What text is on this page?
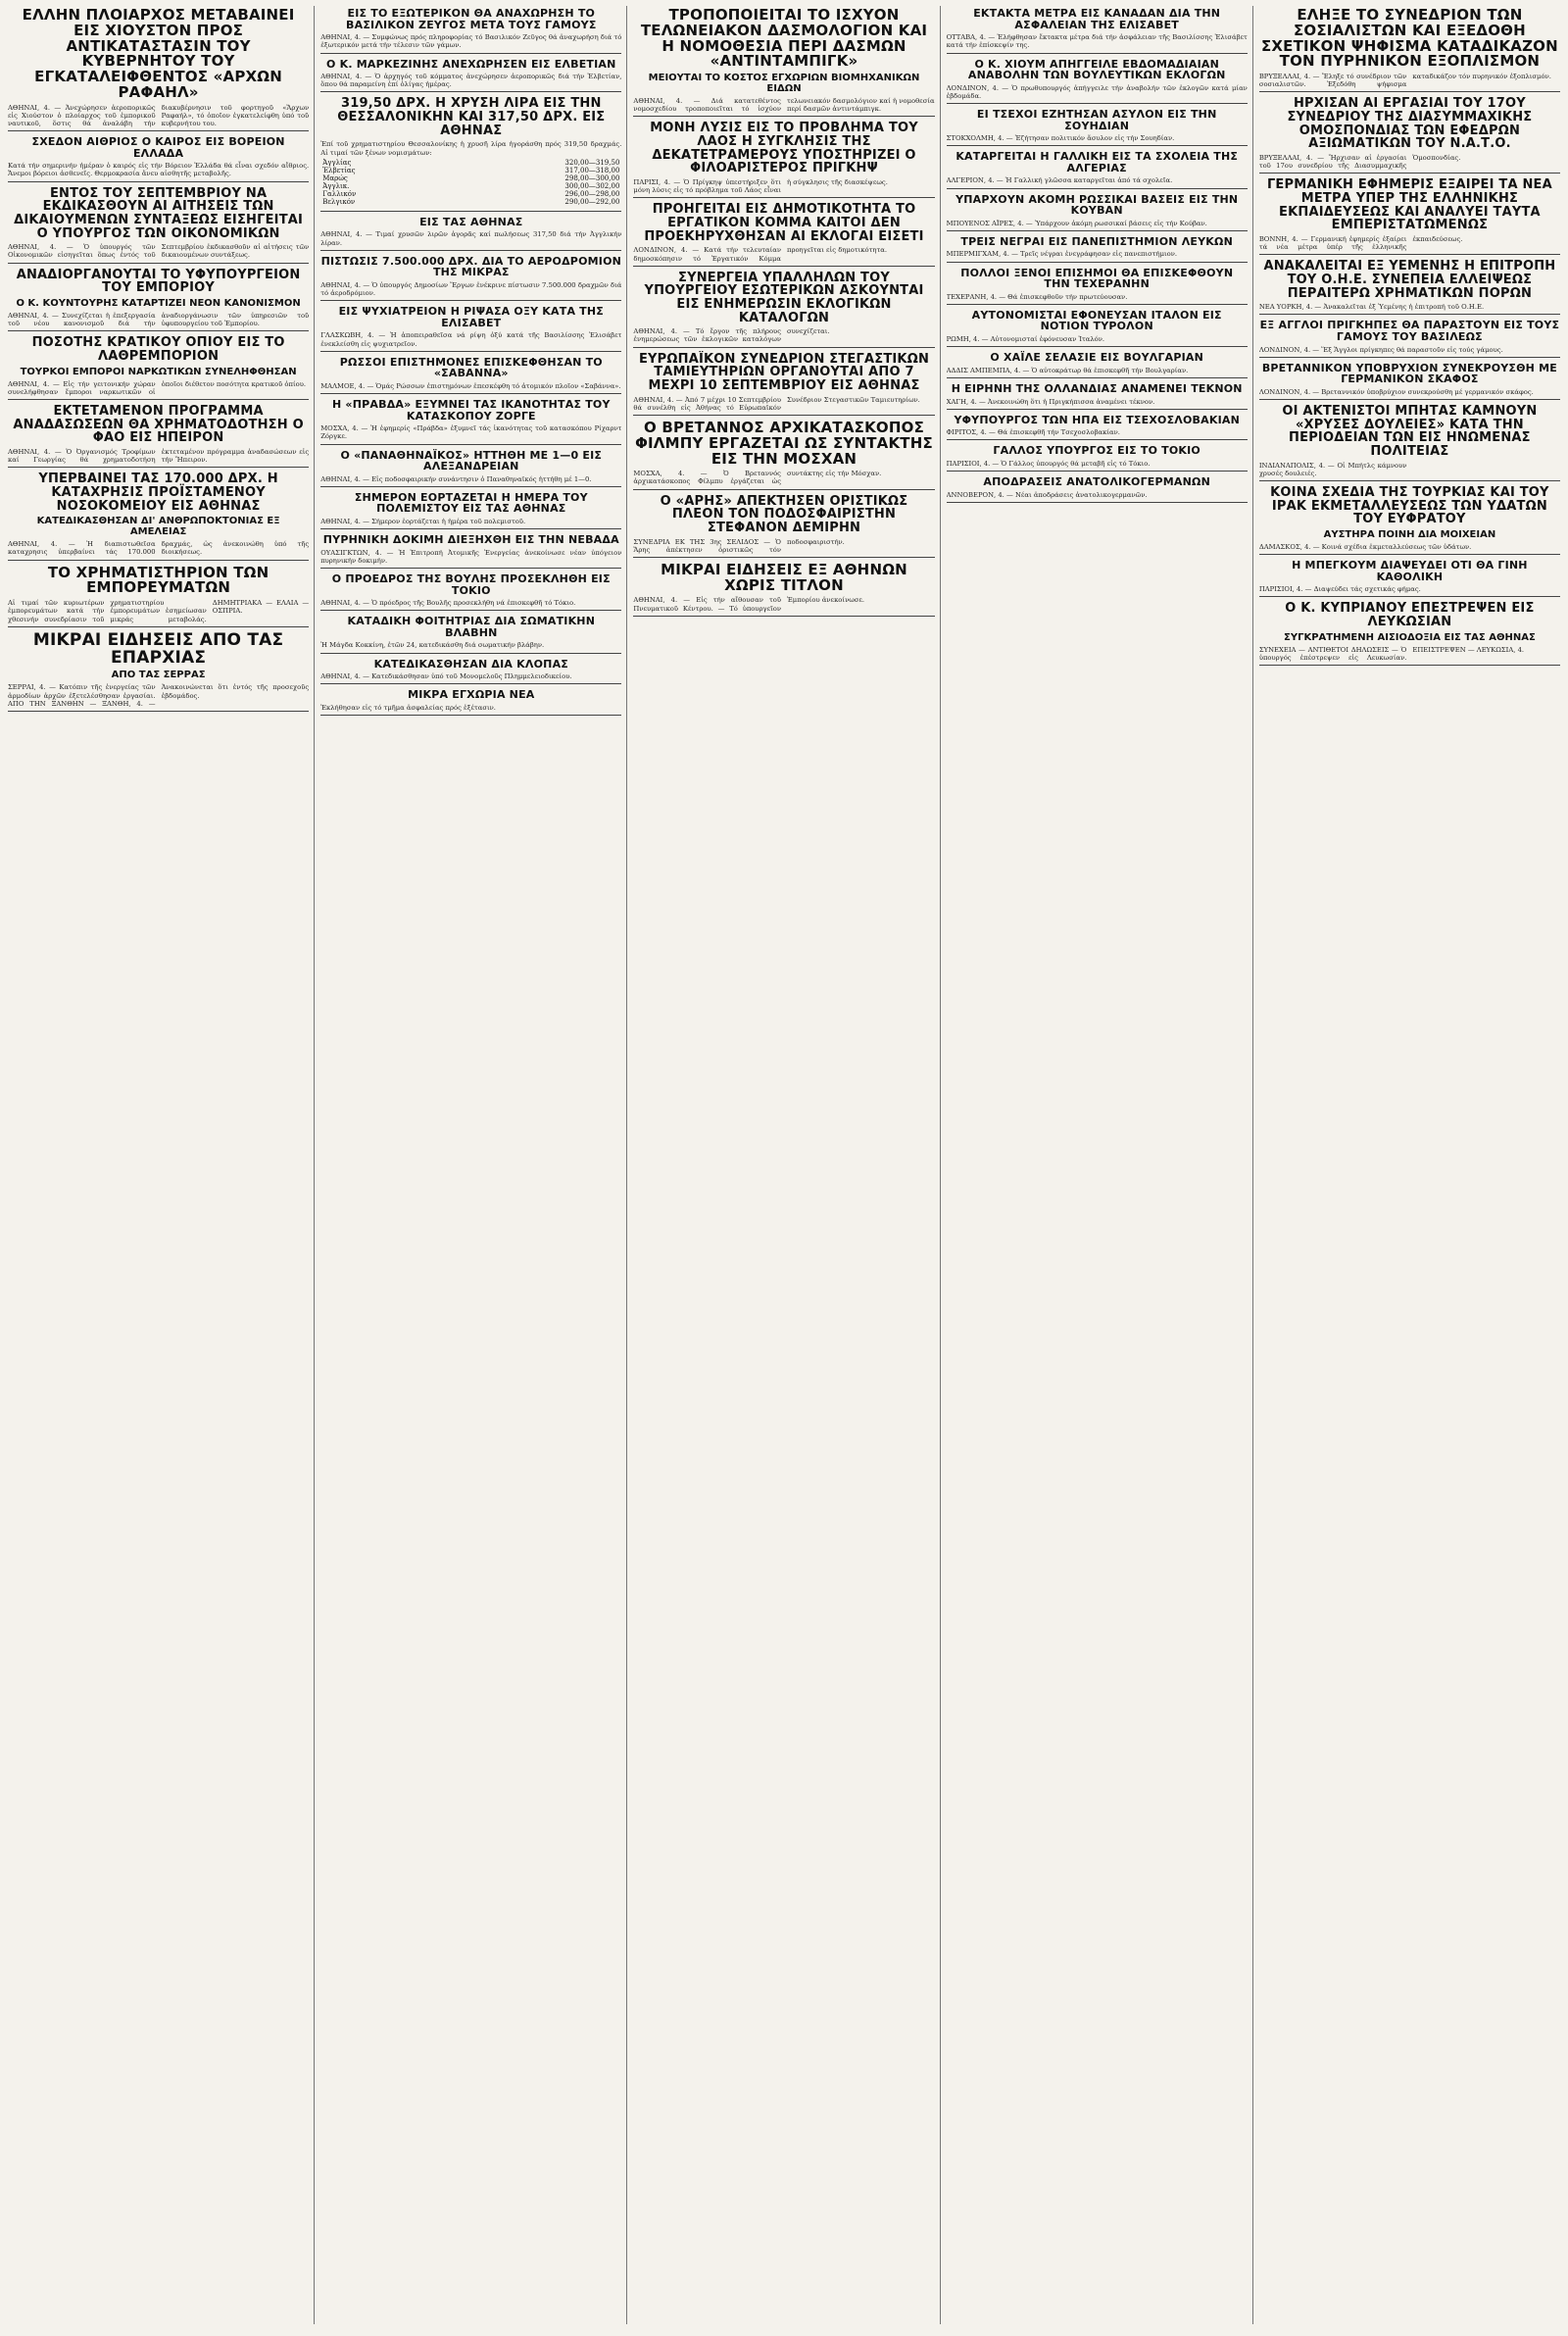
ΕΛΛΗΝ ΠΛΟΙΑΡΧΟΣ ΜΕΤΑΒΑΙΝΕΙ ΕΙΣ ΧΙΟΥΣΤΟΝ ΠΡΟΣ ΑΝΤΙΚΑΤΑΣΤΑΣΙΝ ΤΟΥ ΚΥΒΕΡΝΗΤΟΥ ΤΟΥ ΕΓΚΑΤΑΛΕΙΦΘΕΝΤΟΣ «ΑΡΧΩΝ ΡΑΦΑΗΛ»

ΑΘΗΝΑΙ, 4. — Ἀνεχώρησεν ἀεροπορικῶς εἰς Χιούστον ὁ πλοίαρχος τοῦ ἐμπορικοῦ ναυτικοῦ, ὅστις θά ἀναλάβη τήν διακυβέρνησιν τοῦ φορτηγοῦ «Ἄρχων Ραφαήλ», τό ὁποῖον ἐγκατελείφθη ὑπό τοῦ κυβερνήτου του.

ΣΧΕΔΟΝ ΑΙΘΡΙΟΣ Ο ΚΑΙΡΟΣ ΕΙΣ ΒΟΡΕΙΟΝ ΕΛΛΑΔΑ

Κατά τήν σημερινήν ἡμέραν ὁ καιρός εἰς τήν Βόρειον Ἑλλάδα θά εἶναι σχεδόν αἴθριος. Ἄνεμοι βόρειοι ἀσθενεῖς. Θερμοκρασία ἄνευ αἰσθητῆς μεταβολῆς.

ΕΝΤΟΣ ΤΟΥ ΣΕΠΤΕΜΒΡΙΟΥ ΝΑ ΕΚΔΙΚΑΣΘΟΥΝ ΑΙ ΑΙΤΗΣΕΙΣ ΤΩΝ ΔΙΚΑΙΟΥΜΕΝΩΝ ΣΥΝΤΑΞΕΩΣ ΕΙΣΗΓΕΙΤΑΙ Ο ΥΠΟΥΡΓΟΣ ΤΩΝ ΟΙΚΟΝΟΜΙΚΩΝ

ΑΘΗΝΑΙ, 4. — Ὁ ὑπουργός τῶν Οἰκονομικῶν εἰσηγεῖται ὅπως ἐντός τοῦ Σεπτεμβρίου ἐκδικασθοῦν αἱ αἰτήσεις τῶν δικαιουμένων συντάξεως.

ΑΝΑΔΙΟΡΓΑΝΟΥΤΑΙ ΤΟ ΥΦΥΠΟΥΡΓΕΙΟΝ ΤΟΥ ΕΜΠΟΡΙΟΥ
Ο Κ. ΚΟΥΝΤΟΥΡΗΣ ΚΑΤΑΡΤΙΖΕΙ ΝΕΟΝ ΚΑΝΟΝΙΣΜΟΝ

ΑΘΗΝΑΙ, 4. — Συνεχίζεται ἡ ἐπεξεργασία τοῦ νέου κανονισμοῦ διά τήν ἀναδιοργάνωσιν τῶν ὑπηρεσιῶν τοῦ ὑφυπουργείου τοῦ Ἐμπορίου.

ΠΟΣΟΤΗΣ ΚΡΑΤΙΚΟΥ ΟΠΙΟΥ ΕΙΣ ΤΟ ΛΑΘΡΕΜΠΟΡΙΟΝ
ΤΟΥΡΚΟΙ ΕΜΠΟΡΟΙ ΝΑΡΚΩΤΙΚΩΝ ΣΥΝΕΛΗΦΘΗΣΑΝ

ΑΘΗΝΑΙ, 4. — Εἰς τήν γειτονικήν χώραν συνελήφθησαν ἔμποροι ναρκωτικῶν οἱ ὁποῖοι διέθετον ποσότητα κρατικοῦ ὀπίου.

ΕΚΤΕΤΑΜΕΝΟΝ ΠΡΟΓΡΑΜΜΑ ΑΝΑΔΑΣΩΣΕΩΝ ΘΑ ΧΡΗΜΑΤΟΔΟΤΗΣΗ Ο ΦΑΟ ΕΙΣ ΗΠΕΙΡΟΝ

ΑΘΗΝΑΙ, 4. — Ὁ Ὀργανισμός Τροφίμων καί Γεωργίας θά χρηματοδοτήση ἐκτεταμένον πρόγραμμα ἀναδασώσεων εἰς τήν Ἤπειρον.

ΥΠΕΡΒΑΙΝΕΙ ΤΑΣ 170.000 ΔΡΧ. Η ΚΑΤΑΧΡΗΣΙΣ ΠΡΟΪΣΤΑΜΕΝΟΥ ΝΟΣΟΚΟΜΕΙΟΥ ΕΙΣ ΑΘΗΝΑΣ
ΚΑΤΕΔΙΚΑΣΘΗΣΑΝ ΔΙ' ΑΝΘΡΩΠΟΚΤΟΝΙΑΣ ΕΞ ΑΜΕΛΕΙΑΣ

ΑΘΗΝΑΙ, 4. — Ἡ διαπιστωθεῖσα καταχρησις ὑπερβαίνει τάς 170.000 δραχμάς, ὡς ἀνεκοινώθη ὑπό τῆς διοικήσεως.

ΤΟ ΧΡΗΜΑΤΙΣΤΗΡΙΟΝ ΤΩΝ ΕΜΠΟΡΕΥΜΑΤΩΝ

Αἱ τιμαί τῶν κυριωτέρων ἐμπορευμάτων κατά τήν χθεσινήν συνεδρίασιν τοῦ χρηματιστηρίου ἐμπορευμάτων ἐσημείωσαν μικράς μεταβολάς. ΔΗΜΗΤΡΙΑΚΑ — ΕΛΑΙΑ — ΟΣΠΡΙΑ.

ΜΙΚΡΑΙ ΕΙΔΗΣΕΙΣ ΑΠΟ ΤΑΣ ΕΠΑΡΧΙΑΣ
ΑΠΟ ΤΑΣ ΣΕΡΡΑΣ

ΣΕΡΡΑΙ, 4. — Κατόπιν τῆς ἐνεργείας τῶν ἁρμοδίων ἀρχῶν ἐξετελέσθησαν ἐργασίαι. ΑΠΟ ΤΗΝ ΞΑΝΘΗΝ — ΞΑΝΘΗ, 4. — Ἀνακοινώνεται ὅτι ἐντός τῆς προσεχοῦς ἑβδομάδος.

ΕΙΣ ΤΟ ΕΞΩΤΕΡΙΚΟΝ ΘΑ ΑΝΑΧΩΡΗΣΗ ΤΟ ΒΑΣΙΛΙΚΟΝ ΖΕΥΓΟΣ ΜΕΤΑ ΤΟΥΣ ΓΑΜΟΥΣ

ΑΘΗΝΑΙ, 4. — Συμφώνως πρός πληροφορίας τό Βασιλικόν Ζεῦγος θά ἀναχωρήση διά τό ἐξωτερικόν μετά τήν τέλεσιν τῶν γάμων.

Ο Κ. ΜΑΡΚΕΖΙΝΗΣ ΑΝΕΧΩΡΗΣΕΝ ΕΙΣ ΕΛΒΕΤΙΑΝ

ΑΘΗΝΑΙ, 4. — Ὁ ἀρχηγός τοῦ κόμματος ἀνεχώρησεν ἀεροπορικῶς διά τήν Ἐλβετίαν, ὅπου θά παραμείνη ἐπί ὀλίγας ἡμέρας.

319,50 ΔΡΧ. Η ΧΡΥΣΗ ΛΙΡΑ ΕΙΣ ΤΗΝ ΘΕΣΣΑΛΟΝΙΚΗΝ ΚΑΙ 317,50 ΔΡΧ. ΕΙΣ ΑΘΗΝΑΣ

Ἐπί τοῦ χρηματιστηρίου Θεσσαλονίκης ἡ χρυσῆ λίρα ἠγοράσθη πρός 319,50 δραχμάς. Αἱ τιμαί τῶν ξένων νομισμάτων:

Ἀγγλίας	320,00—319,50
Ἐλβετίας	317,00—318,00
Μαρώς	298,00—300,00
Ἀγγλικ.	300,00—302,00
Γαλλικόν	296,00—298,00
Βελγικόν	290,00—292,00
ΕΙΣ ΤΑΣ ΑΘΗΝΑΣ

ΑΘΗΝΑΙ, 4. — Τιμαί χρυσῶν λιρῶν ἀγορᾶς καί πωλήσεως 317,50 διά τήν Ἀγγλικήν λίραν.

ΠΙΣΤΩΣΙΣ 7.500.000 ΔΡΧ. ΔΙΑ ΤΟ ΑΕΡΟΔΡΟΜΙΟΝ ΤΗΣ ΜΙΚΡΑΣ

ΑΘΗΝΑΙ, 4. — Ὁ ὑπουργός Δημοσίων Ἔργων ἐνέκρινε πίστωσιν 7.500.000 δραχμῶν διά τό ἀεροδρόμιον.

ΕΙΣ ΨΥΧΙΑΤΡΕΙΟΝ Η ΡΙΨΑΣΑ ΟΞΥ ΚΑΤΑ ΤΗΣ ΕΛΙΣΑΒΕΤ

ΓΛΑΣΚΩΒΗ, 4. — Ἡ ἀποπειραθεῖσα νά ρίψη ὀξύ κατά τῆς Βασιλίσσης Ἐλισάβετ ἐνεκλείσθη εἰς ψυχιατρεῖον.

ΡΩΣΣΟΙ ΕΠΙΣΤΗΜΟΝΕΣ ΕΠΙΣΚΕΦΘΗΣΑΝ ΤΟ «ΣΑΒΑΝΝΑ»

ΜΑΛΜΟΕ, 4. — Ὁμάς Ρώσσων ἐπιστημόνων ἐπεσκέφθη τό ἀτομικόν πλοῖον «Σαβάννα».

Η «ΠΡΑΒΔΑ» ΕΞΥΜΝΕΙ ΤΑΣ ΙΚΑΝΟΤΗΤΑΣ ΤΟΥ ΚΑΤΑΣΚΟΠΟΥ ΖΟΡΓΕ

ΜΟΣΧΑ, 4. — Ἡ ἐφημερίς «Πράβδα» ἐξυμνεῖ τάς ἱκανότητας τοῦ κατασκόπου Ρίχαρντ Ζόργκε.

Ο «ΠΑΝΑΘΗΝΑΪΚΟΣ» ΗΤΤΗΘΗ ΜΕ 1—0 ΕΙΣ ΑΛΕΞΑΝΔΡΕΙΑΝ

ΑΘΗΝΑΙ, 4. — Εἰς ποδοσφαιρικήν συνάντησιν ὁ Παναθηναϊκός ἡττήθη μέ 1—0.

ΣΗΜΕΡΟΝ ΕΟΡΤΑΖΕΤΑΙ Η ΗΜΕΡΑ ΤΟΥ ΠΟΛΕΜΙΣΤΟΥ ΕΙΣ ΤΑΣ ΑΘΗΝΑΣ

ΑΘΗΝΑΙ, 4. — Σήμερον ἑορτάζεται ἡ ἡμέρα τοῦ πολεμιστοῦ.

ΠΥΡΗΝΙΚΗ ΔΟΚΙΜΗ ΔΙΕΞΗΧΘΗ ΕΙΣ ΤΗΝ ΝΕΒΑΔΑ

ΟΥΑΣΙΓΚΤΩΝ, 4. — Ἡ Ἐπιτροπή Ἀτομικῆς Ἐνεργείας ἀνεκοίνωσε νέαν ὑπόγειον πυρηνικήν δοκιμήν.

Ο ΠΡΟΕΔΡΟΣ ΤΗΣ ΒΟΥΛΗΣ ΠΡΟΣΕΚΛΗΘΗ ΕΙΣ ΤΟΚΙΟ

ΑΘΗΝΑΙ, 4. — Ὁ πρόεδρος τῆς Βουλῆς προσεκλήθη νά ἐπισκεφθῆ τό Τόκιο.

ΚΑΤΑΔΙΚΗ ΦΟΙΤΗΤΡΙΑΣ ΔΙΑ ΣΩΜΑΤΙΚΗΝ ΒΛΑΒΗΝ

Ἡ Μάγδα Κοκκίνη, ἐτῶν 24, κατεδικάσθη διά σωματικήν βλάβην.

ΚΑΤΕΔΙΚΑΣΘΗΣΑΝ ΔΙΑ ΚΛΟΠΑΣ

ΑΘΗΝΑΙ, 4. — Κατεδικάσθησαν ὑπό τοῦ Μονομελοῦς Πλημμελειοδικείου.

ΜΙΚΡΑ ΕΓΧΩΡΙΑ ΝΕΑ

Ἐκλήθησαν εἰς τό τμῆμα ἀσφαλείας πρός ἐξέτασιν.

ΤΡΟΠΟΠΟΙΕΙΤΑΙ ΤΟ ΙΣΧΥΟΝ ΤΕΛΩΝΕΙΑΚΟΝ ΔΑΣΜΟΛΟΓΙΟΝ ΚΑΙ Η ΝΟΜΟΘΕΣΙΑ ΠΕΡΙ ΔΑΣΜΩΝ «ΑΝΤΙΝΤΑΜΠΙΓΚ»
ΜΕΙΟΥΤΑΙ ΤΟ ΚΟΣΤΟΣ ΕΓΧΩΡΙΩΝ ΒΙΟΜΗΧΑΝΙΚΩΝ ΕΙΔΩΝ

ΑΘΗΝΑΙ, 4. — Διά κατατεθέντος νομοσχεδίου τροποποιεῖται τό ἰσχύον τελωνειακόν δασμολόγιον καί ἡ νομοθεσία περί δασμῶν ἀντιντάμπιγκ.

ΜΟΝΗ ΛΥΣΙΣ ΕΙΣ ΤΟ ΠΡΟΒΛΗΜΑ ΤΟΥ ΛΑΟΣ Η ΣΥΓΚΛΗΣΙΣ ΤΗΣ ΔΕΚΑΤΕΤΡΑΜΕΡΟΥΣ ΥΠΟΣΤΗΡΙΖΕΙ Ο ΦΙΛΟΑΡΙΣΤΕΡΟΣ ΠΡΙΓΚΗΨ

ΠΑΡΙΣΙ, 4. — Ὁ Πρίγκηψ ὑπεστήριξεν ὅτι μόνη λύσις εἰς τό πρόβλημα τοῦ Λάος εἶναι ἡ σύγκλησις τῆς διασκέψεως.

ΠΡΟΗΓΕΙΤΑΙ ΕΙΣ ΔΗΜΟΤΙΚΟΤΗΤΑ ΤΟ ΕΡΓΑΤΙΚΟΝ ΚΟΜΜΑ ΚΑΙΤΟΙ ΔΕΝ ΠΡΟΕΚΗΡΥΧΘΗΣΑΝ ΑΙ ΕΚΛΟΓΑΙ ΕΙΣΕΤΙ

ΛΟΝΔΙΝΟΝ, 4. — Κατά τήν τελευταίαν δημοσκόπησιν τό Ἐργατικόν Κόμμα προηγεῖται εἰς δημοτικότητα.

ΣΥΝΕΡΓΕΙΑ ΥΠΑΛΛΗΛΩΝ ΤΟΥ ΥΠΟΥΡΓΕΙΟΥ ΕΣΩΤΕΡΙΚΩΝ ΑΣΚΟΥΝΤΑΙ ΕΙΣ ΕΝΗΜΕΡΩΣΙΝ ΕΚΛΟΓΙΚΩΝ ΚΑΤΑΛΟΓΩΝ

ΑΘΗΝΑΙ, 4. — Τό ἔργον τῆς πλήρους ἐνημερώσεως τῶν ἐκλογικῶν καταλόγων συνεχίζεται.

ΕΥΡΩΠΑΪΚΟΝ ΣΥΝΕΔΡΙΟΝ ΣΤΕΓΑΣΤΙΚΩΝ ΤΑΜΙΕΥΤΗΡΙΩΝ ΟΡΓΑΝΟΥΤΑΙ ΑΠΟ 7 ΜΕΧΡΙ 10 ΣΕΠΤΕΜΒΡΙΟΥ ΕΙΣ ΑΘΗΝΑΣ

ΑΘΗΝΑΙ, 4. — Ἀπό 7 μέχρι 10 Σεπτεμβρίου θά συνέλθη εἰς Ἀθήνας τό Εὐρωπαϊκόν Συνέδριον Στεγαστικῶν Ταμιευτηρίων.

Ο ΒΡΕΤΑΝΝΟΣ ΑΡΧΙΚΑΤΑΣΚΟΠΟΣ ΦΙΛΜΠΥ ΕΡΓΑΖΕΤΑΙ ΩΣ ΣΥΝΤΑΚΤΗΣ ΕΙΣ ΤΗΝ ΜΟΣΧΑΝ

ΜΟΣΧΑ, 4. — Ὁ Βρεταννός ἀρχικατάσκοπος Φίλμπυ ἐργάζεται ὡς συντάκτης εἰς τήν Μόσχαν.

Ο «ΑΡΗΣ» ΑΠΕΚΤΗΣΕΝ ΟΡΙΣΤΙΚΩΣ ΠΛΕΟΝ ΤΟΝ ΠΟΔΟΣΦΑΙΡΙΣΤΗΝ ΣΤΕΦΑΝΟΝ ΔΕΜΙΡΗΝ

ΣΥΝΕΔΡΙΑ ΕΚ ΤΗΣ 3ης ΣΕΛΙΔΟΣ — Ὁ Ἄρης ἀπέκτησεν ὁριστικῶς τόν ποδοσφαιριστήν.

ΜΙΚΡΑΙ ΕΙΔΗΣΕΙΣ ΕΞ ΑΘΗΝΩΝ ΧΩΡΙΣ ΤΙΤΛΟΝ

ΑΘΗΝΑΙ, 4. — Εἰς τήν αἴθουσαν τοῦ Πνευματικοῦ Κέντρου. — Τό ὑπουργεῖον Ἐμπορίου ἀνεκοίνωσε.

ΕΚΤΑΚΤΑ ΜΕΤΡΑ ΕΙΣ ΚΑΝΑΔΑΝ ΔΙΑ ΤΗΝ ΑΣΦΑΛΕΙΑΝ ΤΗΣ ΕΛΙΣΑΒΕΤ

ΟΤΤΑΒΑ, 4. — Ἐλήφθησαν ἔκτακτα μέτρα διά τήν ἀσφάλειαν τῆς Βασιλίσσης Ἐλισάβετ κατά τήν ἐπίσκεψίν της.

Ο Κ. ΧΙΟΥΜ ΑΠΗΓΓΕΙΛΕ ΕΒΔΟΜΑΔΙΑΙΑΝ ΑΝΑΒΟΛΗΝ ΤΩΝ ΒΟΥΛΕΥΤΙΚΩΝ ΕΚΛΟΓΩΝ

ΛΟΝΔΙΝΟΝ, 4. — Ὁ πρωθυπουργός ἀπήγγειλε τήν ἀναβολήν τῶν ἐκλογῶν κατά μίαν ἑβδομάδα.

ΕΙ ΤΣΕΧΟΙ ΕΖΗΤΗΣΑΝ ΑΣΥΛΟΝ ΕΙΣ ΤΗΝ ΣΟΥΗΔΙΑΝ

ΣΤΟΚΧΟΛΜΗ, 4. — Ἐζήτησαν πολιτικόν ἄσυλον εἰς τήν Σουηδίαν.

ΚΑΤΑΡΓΕΙΤΑΙ Η ΓΑΛΛΙΚΗ ΕΙΣ ΤΑ ΣΧΟΛΕΙΑ ΤΗΣ ΑΛΓΕΡΙΑΣ

ΑΛΓΕΡΙΟΝ, 4. — Ἡ Γαλλική γλῶσσα καταργεῖται ἀπό τά σχολεῖα.

ΥΠΑΡΧΟΥΝ ΑΚΟΜΗ ΡΩΣΣΙΚΑΙ ΒΑΣΕΙΣ ΕΙΣ ΤΗΝ ΚΟΥΒΑΝ

ΜΠΟΥΕΝΟΣ ΑΪΡΕΣ, 4. — Ὑπάρχουν ἀκόμη ρωσσικαί βάσεις εἰς τήν Κούβαν.

ΤΡΕΙΣ ΝΕΓΡΑΙ ΕΙΣ ΠΑΝΕΠΙΣΤΗΜΙΟΝ ΛΕΥΚΩΝ

ΜΠΕΡΜΙΓΧΑΜ, 4. — Τρεῖς νέγραι ἐνεγράφησαν εἰς πανεπιστήμιον.

ΠΟΛΛΟΙ ΞΕΝΟΙ ΕΠΙΣΗΜΟΙ ΘΑ ΕΠΙΣΚΕΦΘΟΥΝ ΤΗΝ ΤΕΧΕΡΑΝΗΝ

ΤΕΧΕΡΑΝΗ, 4. — Θά ἐπισκεφθοῦν τήν πρωτεύουσαν.

ΑΥΤΟΝΟΜΙΣΤΑΙ ΕΦΟΝΕΥΣΑΝ ΙΤΑΛΟΝ ΕΙΣ ΝΟΤΙΟΝ ΤΥΡΟΛΟΝ

ΡΩΜΗ, 4. — Αὐτονομισταί ἐφόνευσαν Ἰταλόν.

Ο ΧΑΪΛΕ ΣΕΛΑΣΙΕ ΕΙΣ ΒΟΥΛΓΑΡΙΑΝ

ΑΔΔΙΣ ΑΜΠΕΜΠΑ, 4. — Ὁ αὐτοκράτωρ θά ἐπισκεφθῆ τήν Βουλγαρίαν.

Η ΕΙΡΗΝΗ ΤΗΣ ΟΛΛΑΝΔΙΑΣ ΑΝΑΜΕΝΕΙ ΤΕΚΝΟΝ

ΧΑΓΗ, 4. — Ἀνεκοινώθη ὅτι ἡ Πριγκήπισσα ἀναμένει τέκνον.

ΥΦΥΠΟΥΡΓΟΣ ΤΩΝ ΗΠΑ ΕΙΣ ΤΣΕΧΟΣΛΟΒΑΚΙΑΝ

ΦΙΡΙΤΟΣ, 4. — Θά ἐπισκεφθῆ τήν Τσεχοσλοβακίαν.

ΓΑΛΛΟΣ ΥΠΟΥΡΓΟΣ ΕΙΣ ΤΟ ΤΟΚΙΟ

ΠΑΡΙΣΙΟΙ, 4. — Ὁ Γάλλος ὑπουργός θά μεταβῆ εἰς τό Τόκιο.

ΑΠΟΔΡΑΣΕΙΣ ΑΝΑΤΟΛΙΚΟΓΕΡΜΑΝΩΝ

ΑΝΝΟΒΕΡΟΝ, 4. — Νέαι ἀποδράσεις ἀνατολικογερμανῶν.

ΕΛΗΞΕ ΤΟ ΣΥΝΕΔΡΙΟΝ ΤΩΝ ΣΟΣΙΑΛΙΣΤΩΝ ΚΑΙ ΕΞΕΔΟΘΗ ΣΧΕΤΙΚΟΝ ΨΗΦΙΣΜΑ ΚΑΤΑΔΙΚΑΖΟΝ ΤΟΝ ΠΥΡΗΝΙΚΟΝ ΕΞΟΠΛΙΣΜΟΝ

ΒΡΥΞΕΛΛΑΙ, 4. — Ἔληξε τό συνέδριον τῶν σοσιαλιστῶν. Ἐξεδόθη ψήφισμα καταδικάζον τόν πυρηνικόν ἐξοπλισμόν.

ΗΡΧΙΣΑΝ ΑΙ ΕΡΓΑΣΙΑΙ ΤΟΥ 17ΟΥ ΣΥΝΕΔΡΙΟΥ ΤΗΣ ΔΙΑΣΥΜΜΑΧΙΚΗΣ ΟΜΟΣΠΟΝΔΙΑΣ ΤΩΝ ΕΦΕΔΡΩΝ ΑΞΙΩΜΑΤΙΚΩΝ ΤΟΥ Ν.Α.Τ.Ο.

ΒΡΥΞΕΛΛΑΙ, 4. — Ἤρχισαν αἱ ἐργασίαι τοῦ 17ου συνεδρίου τῆς Διασυμμαχικῆς Ὁμοσπονδίας.

ΓΕΡΜΑΝΙΚΗ ΕΦΗΜΕΡΙΣ ΕΞΑΙΡΕΙ ΤΑ ΝΕΑ ΜΕΤΡΑ ΥΠΕΡ ΤΗΣ ΕΛΛΗΝΙΚΗΣ ΕΚΠΑΙΔΕΥΣΕΩΣ ΚΑΙ ΑΝΑΛΥΕΙ ΤΑΥΤΑ ΕΜΠΕΡΙΣΤΑΤΩΜΕΝΩΣ

ΒΟΝΝΗ, 4. — Γερμανική ἐφημερίς ἐξαίρει τά νέα μέτρα ὑπέρ τῆς ἑλληνικῆς ἐκπαιδεύσεως.

ΑΝΑΚΑΛΕΙΤΑΙ ΕΞ ΥΕΜΕΝΗΣ Η ΕΠΙΤΡΟΠΗ ΤΟΥ Ο.Η.Ε. ΣΥΝΕΠΕΙΑ ΕΛΛΕΙΨΕΩΣ ΠΕΡΑΙΤΕΡΩ ΧΡΗΜΑΤΙΚΩΝ ΠΟΡΩΝ

ΝΕΑ ΥΟΡΚΗ, 4. — Ἀνακαλεῖται ἐξ Ὑεμένης ἡ ἐπιτροπή τοῦ Ο.Η.Ε.

ΕΞ ΑΓΓΛΟΙ ΠΡΙΓΚΗΠΕΣ ΘΑ ΠΑΡΑΣΤΟΥΝ ΕΙΣ ΤΟΥΣ ΓΑΜΟΥΣ ΤΟΥ ΒΑΣΙΛΕΩΣ

ΛΟΝΔΙΝΟΝ, 4. — Ἕξ Ἄγγλοι πρίγκηπες θά παραστοῦν εἰς τούς γάμους.

ΒΡΕΤΑΝΝΙΚΟΝ ΥΠΟΒΡΥΧΙΟΝ ΣΥΝΕΚΡΟΥΣΘΗ ΜΕ ΓΕΡΜΑΝΙΚΟΝ ΣΚΑΦΟΣ

ΛΟΝΔΙΝΟΝ, 4. — Βρεταννικόν ὑποβρύχιον συνεκρούσθη μέ γερμανικόν σκάφος.

ΟΙ ΑΚΤΕΝΙΣΤΟΙ ΜΠΗΤΑΣ ΚΑΜΝΟΥΝ «ΧΡΥΣΕΣ ΔΟΥΛΕΙΕΣ» ΚΑΤΑ ΤΗΝ ΠΕΡΙΟΔΕΙΑΝ ΤΩΝ ΕΙΣ ΗΝΩΜΕΝΑΣ ΠΟΛΙΤΕΙΑΣ

ΙΝΔΙΑΝΑΠΟΛΙΣ, 4. — Οἱ Μπήτλς κάμνουν χρυσές δουλειές.

ΚΟΙΝΑ ΣΧΕΔΙΑ ΤΗΣ ΤΟΥΡΚΙΑΣ ΚΑΙ ΤΟΥ ΙΡΑΚ ΕΚΜΕΤΑΛΛΕΥΣΕΩΣ ΤΩΝ ΥΔΑΤΩΝ ΤΟΥ ΕΥΦΡΑΤΟΥ
ΑΥΣΤΗΡΑ ΠΟΙΝΗ ΔΙΑ ΜΟΙΧΕΙΑΝ

ΔΑΜΑΣΚΟΣ, 4. — Κοινά σχέδια ἐκμεταλλεύσεως τῶν ὑδάτων.

Η ΜΠΕΓΚΟΥΜ ΔΙΑΨΕΥΔΕΙ ΟΤΙ ΘΑ ΓΙΝΗ ΚΑΘΟΛΙΚΗ

ΠΑΡΙΣΙΟΙ, 4. — Διαψεύδει τάς σχετικάς φήμας.

Ο Κ. ΚΥΠΡΙΑΝΟΥ ΕΠΕΣΤΡΕΨΕΝ ΕΙΣ ΛΕΥΚΩΣΙΑΝ
ΣΥΓΚΡΑΤΗΜΕΝΗ ΑΙΣΙΟΔΟΞΙΑ ΕΙΣ ΤΑΣ ΑΘΗΝΑΣ

ΣΥΝΕΧΕΙΑ — ΑΝΤΙΘΕΤΟΙ ΔΗΛΩΣΕΙΣ — Ὁ ὑπουργός ἐπέστρεψεν εἰς Λευκωσίαν. ΕΠΕΙΣΤΡΕΨΕΝ — ΛΕΥΚΩΣΙΑ, 4.
